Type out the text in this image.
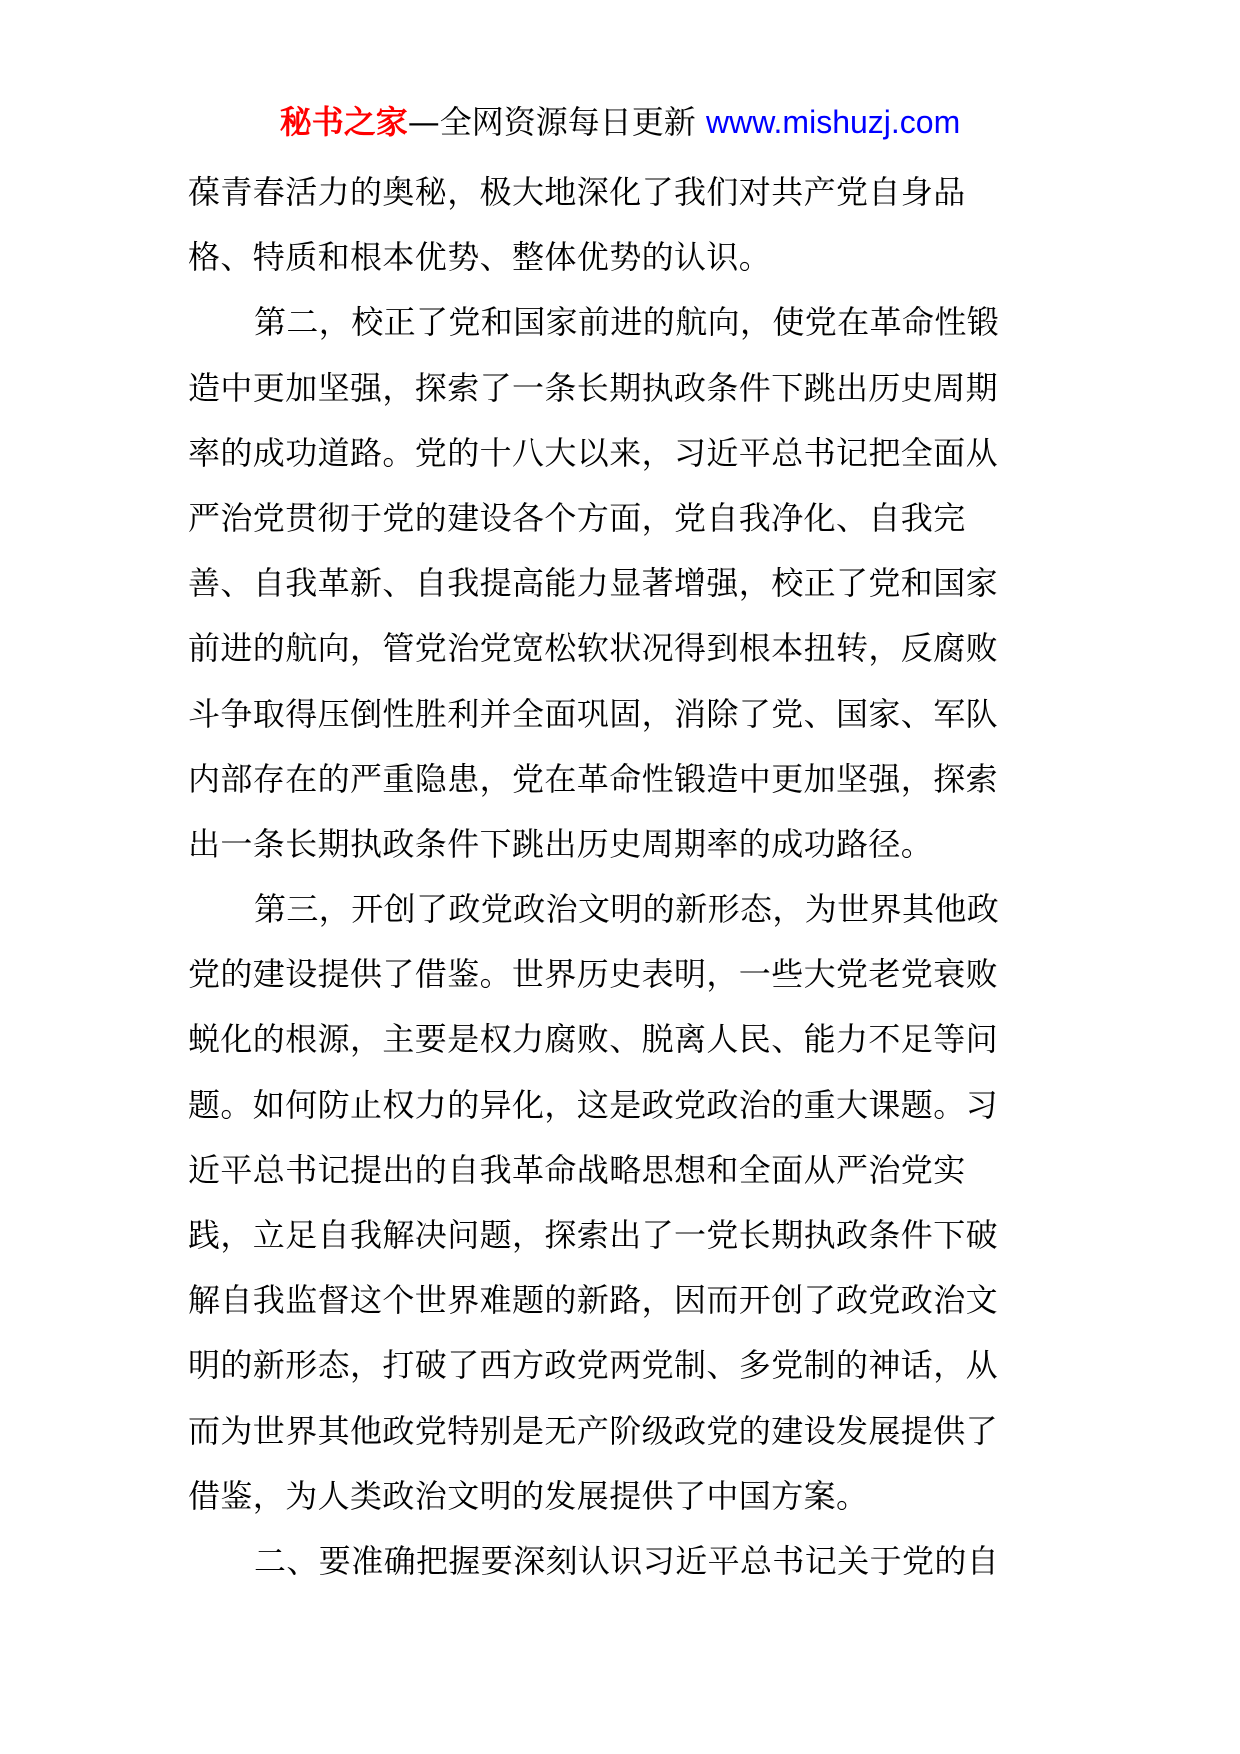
秘书之家—全网资源每日更新 www.mishuzj.com
葆青春活力的奥秘，极大地深化了我们对共产党自身品
格、特质和根本优势、整体优势的认识。
第二，校正了党和国家前进的航向，使党在革命性锻
造中更加坚强，探索了一条长期执政条件下跳出历史周期
率的成功道路。党的十八大以来，习近平总书记把全面从
严治党贯彻于党的建设各个方面，党自我净化、自我完
善、自我革新、自我提高能力显著增强，校正了党和国家
前进的航向，管党治党宽松软状况得到根本扭转，反腐败
斗争取得压倒性胜利并全面巩固，消除了党、国家、军队
内部存在的严重隐患，党在革命性锻造中更加坚强，探索
出一条长期执政条件下跳出历史周期率的成功路径。
第三，开创了政党政治文明的新形态，为世界其他政
党的建设提供了借鉴。世界历史表明，一些大党老党衰败
蜕化的根源，主要是权力腐败、脱离人民、能力不足等问
题。如何防止权力的异化，这是政党政治的重大课题。习
近平总书记提出的自我革命战略思想和全面从严治党实
践，立足自我解决问题，探索出了一党长期执政条件下破
解自我监督这个世界难题的新路，因而开创了政党政治文
明的新形态，打破了西方政党两党制、多党制的神话，从
而为世界其他政党特别是无产阶级政党的建设发展提供了
借鉴，为人类政治文明的发展提供了中国方案。
二、要准确把握要深刻认识习近平总书记关于党的自
